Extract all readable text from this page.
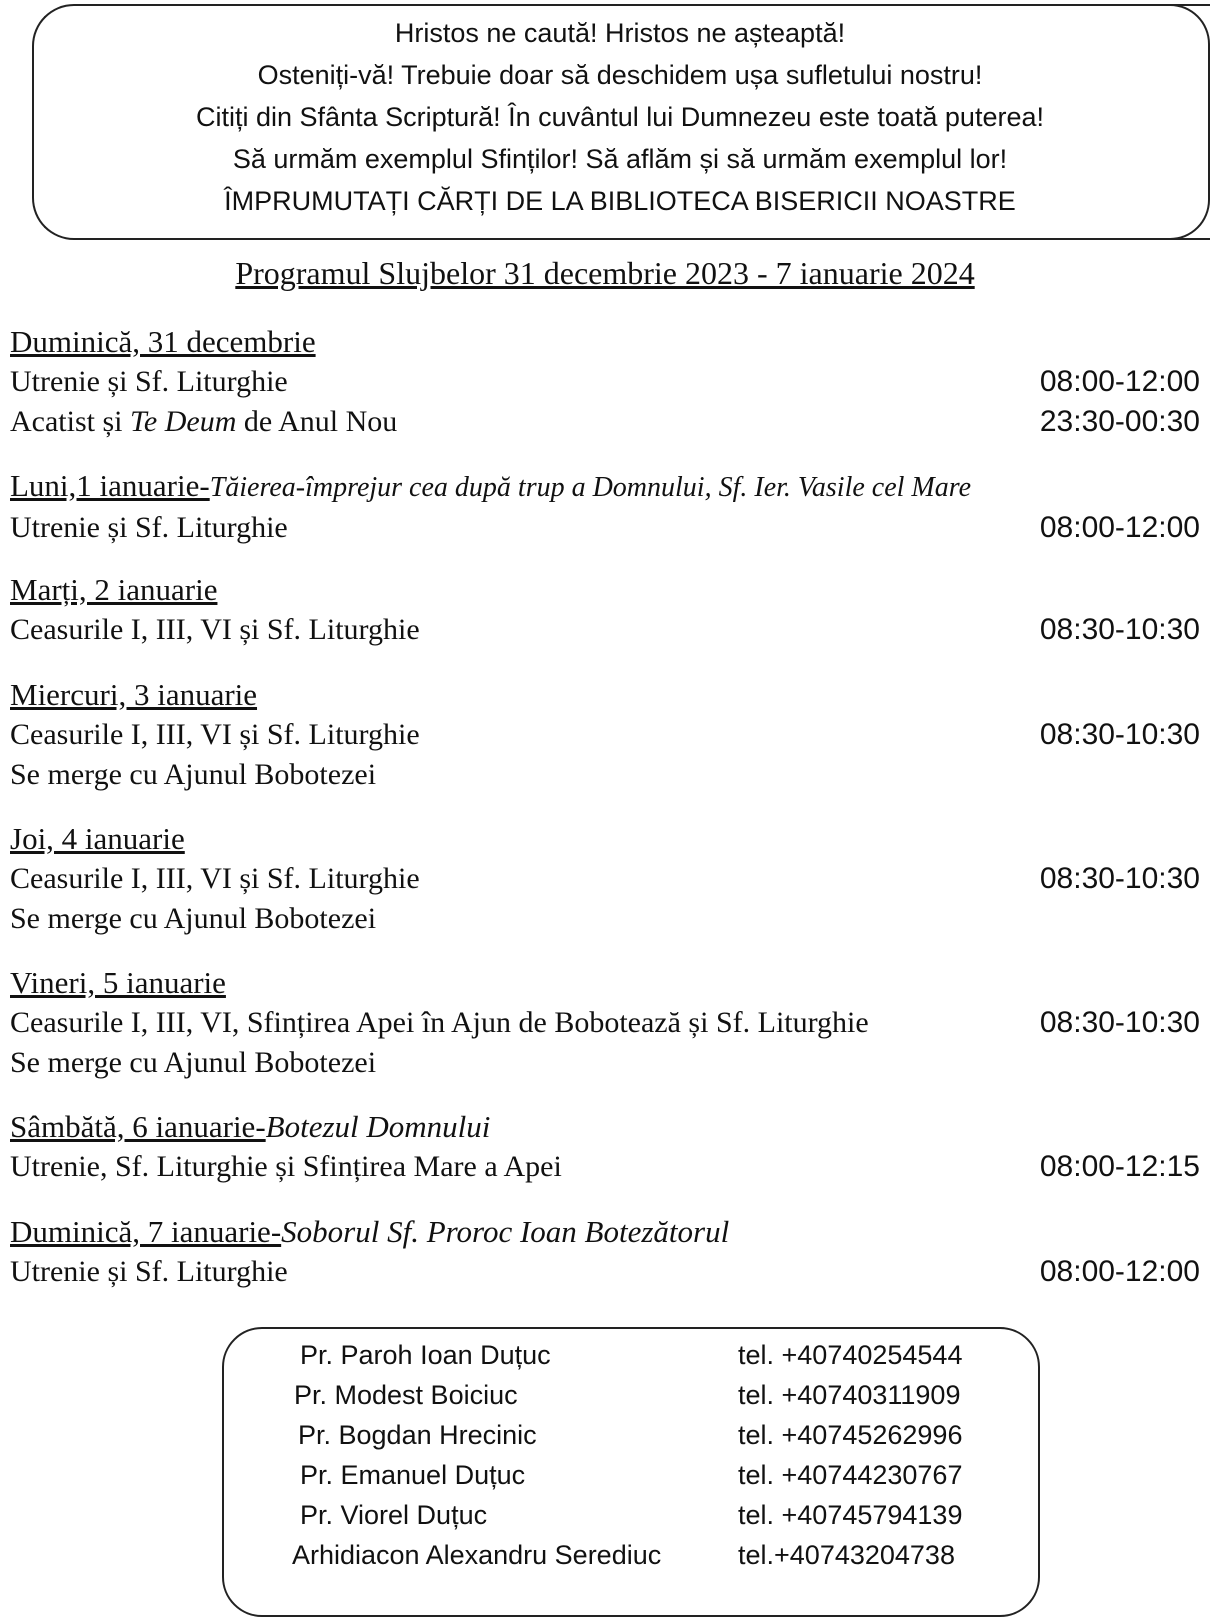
Hristos ne caută! Hristos ne așteaptă!
Osteniți-vă! Trebuie doar să deschidem ușa sufletului nostru!
Citiți din Sfânta Scriptură! În cuvântul lui Dumnezeu este toată puterea!
Să urmăm exemplul Sfinților! Să aflăm și să urmăm exemplul lor!
ÎMPRUMUTAȚI CĂRȚI DE LA BIBLIOTECA BISERICII NOASTRE
Programul Slujbelor 31 decembrie 2023 - 7 ianuarie 2024
Duminică, 31 decembrie
Utrenie și Sf. Liturghie	08:00-12:00
Acatist și Te Deum de Anul Nou	23:30-00:30
Luni,1 ianuarie-Tăierea-împrejur cea după trup a Domnului, Sf. Ier. Vasile cel Mare
Utrenie și Sf. Liturghie	08:00-12:00
Marți, 2 ianuarie
Ceasurile I, III, VI și Sf. Liturghie	08:30-10:30
Miercuri, 3 ianuarie
Ceasurile I, III, VI și Sf. Liturghie	08:30-10:30
Se merge cu Ajunul Bobotezei
Joi, 4 ianuarie
Ceasurile I, III, VI și Sf. Liturghie	08:30-10:30
Se merge cu Ajunul Bobotezei
Vineri, 5 ianuarie
Ceasurile I, III, VI, Sfințirea Apei în Ajun de Bobotează și Sf. Liturghie	08:30-10:30
Se merge cu Ajunul Bobotezei
Sâmbătă, 6 ianuarie-Botezul Domnului
Utrenie, Sf. Liturghie și Sfințirea Mare a Apei	08:00-12:15
Duminică, 7 ianuarie-Soborul Sf. Proroc Ioan Botezătorul
Utrenie și Sf. Liturghie	08:00-12:00
Pr. Paroh Ioan Duțuc	tel. +40740254544
Pr. Modest Boiciuc	tel. +40740311909
Pr. Bogdan Hrecinic	tel. +40745262996
Pr. Emanuel Duțuc	tel. +40744230767
Pr. Viorel Duțuc	tel. +40745794139
Arhidiacon Alexandru Serediuc	tel.+40743204738
